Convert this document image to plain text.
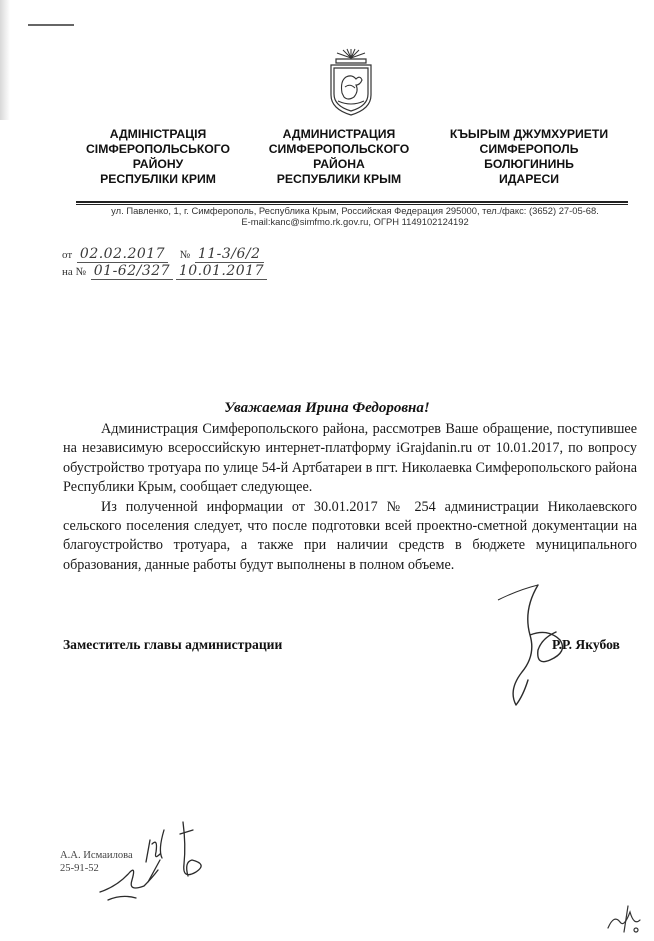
АДМІНІСТРАЦІЯ
СІМФЕРОПОЛЬСЬКОГО
РАЙОНУ
РЕСПУБЛІКИ КРИМ
АДМИНИСТРАЦИЯ
СИМФЕРОПОЛЬСКОГО
РАЙОНА
РЕСПУБЛИКИ КРЫМ
КЪЫРЫМ ДЖУМХУРИЕТИ
СИМФЕРОПОЛЬ
БОЛЮГИНИНЬ
ИДАРЕСИ
ул. Павленко, 1, г. Симферополь, Республика Крым, Российская Федерация 295000, тел./факс: (3652) 27-05-68.
E-mail:kanc@simfmo.rk.gov.ru, ОГРН 1149102124192
от 02.02.2017 № 11-3/6/2
на № 01-62/327 10.01.2017
Уважаемая Ирина Федоровна!

Администрация Симферопольского района, рассмотрев Ваше обращение, поступившее на независимую всероссийскую интернет-платформу iGrajdanin.ru от 10.01.2017, по вопросу обустройство тротуара по улице 54-й Артбатареи в пгт. Николаевка Симферопольского района Республики Крым, сообщает следующее.

Из полученной информации от 30.01.2017 № 254 администрации Николаевского сельского поселения следует, что после подготовки всей проектно-сметной документации на благоустройство тротуара, а также при наличии средств в бюджете муниципального образования, данные работы будут выполнены в полном объеме.

Заместитель главы администрации	Р.Р. Якубов
А.А. Исмаилова
25-91-52
